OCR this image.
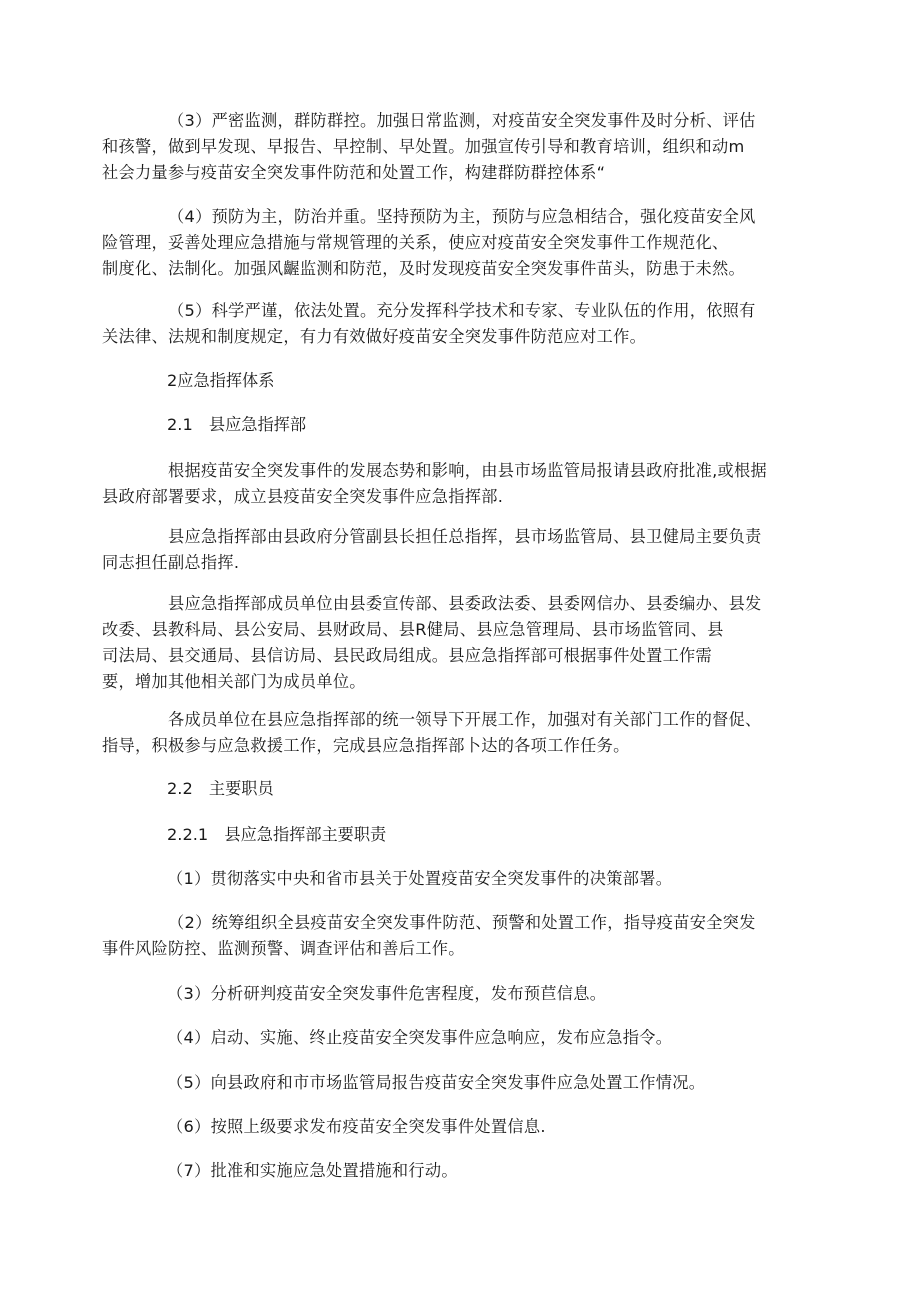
（3）严密监测，群防群控。加强日常监测，对疫苗安全突发事件及时分析、评估
和孩警，做到早发现、早报告、早控制、早处置。加强宣传引导和教育培训，组织和动m
社会力量参与疫苗安全突发事件防范和处置工作，构建群防群控体系“
（4）预防为主，防治并重。坚持预防为主，预防与应急相结合，强化疫苗安全风
险管理，妥善处理应急措施与常规管理的关系，使应对疫苗安全突发事件工作规范化、
制度化、法制化。加强风齷监测和防范，及时发现疫苗安全突发事件苗头，防患于未然。
（5）科学严谨，依法处置。充分发挥科学技术和专家、专业队伍的作用，依照有
关法律、法规和制度规定，有力有效做好疫苗安全突发事件防范应对工作。
2应急指挥体系
2.1　县应急指挥部
根据疫苗安全突发事件的发展态势和影响，由县市场监管局报请县政府批准,或根据
县政府部署要求，成立县疫苗安全突发事件应急指挥部.
县应急指挥部由县政府分管副县长担任总指挥，县市场监管局、县卫健局主要负责
同志担任副总指挥.
县应急指挥部成员单位由县委宣传部、县委政法委、县委网信办、县委编办、县发
改委、县教科局、县公安局、县财政局、县R健局、县应急管理局、县市场监管同、县
司法局、县交通局、县信访局、县民政局组成。县应急指挥部可根据事件处置工作需
要，增加其他相关部门为成员单位。
各成员单位在县应急指挥部的统一领导下开展工作，加强对有关部门工作的督促、
指导，积极参与应急救援工作，完成县应急指挥部卜达的各项工作任务。
2.2　主要职员
2.2.1　县应急指挥部主要职责
（1）贯彻落实中央和省市县关于处置疫苗安全突发事件的决策部署。
（2）统筹组织全县疫苗安全突发事件防范、预警和处置工作，指导疫苗安全突发
事件风险防控、监测预警、调查评估和善后工作。
（3）分析研判疫苗安全突发事件危害程度，发布预苣信息。
（4）启动、实施、终止疫苗安全突发事件应急响应，发布应急指令。
（5）向县政府和市市场监管局报告疫苗安全突发事件应急处置工作情况。
（6）按照上级要求发布疫苗安全突发事件处置信息.
（7）批准和实施应急处置措施和行动。
